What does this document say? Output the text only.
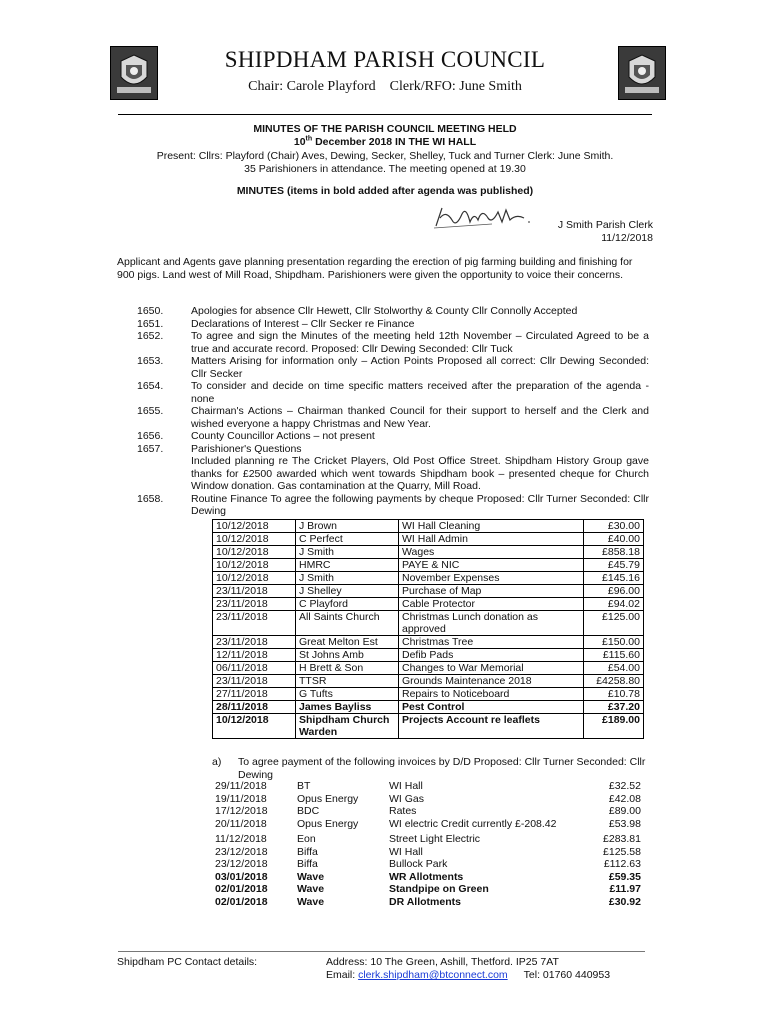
SHIPDHAM PARISH COUNCIL
Chair: Carole Playford Clerk/RFO: June Smith
MINUTES OF THE PARISH COUNCIL MEETING HELD
10th December 2018 IN THE WI HALL
Present: Cllrs: Playford (Chair) Aves, Dewing, Secker, Shelley, Tuck and Turner Clerk: June Smith.
35 Parishioners in attendance. The meeting opened at 19.30
MINUTES (items in bold added after agenda was published)
J Smith Parish Clerk
11/12/2018
Applicant and Agents gave planning presentation regarding the erection of pig farming building and finishing for 900 pigs. Land west of Mill Road, Shipdham. Parishioners were given the opportunity to voice their concerns.
1650.	Apologies for absence Cllr Hewett, Cllr Stolworthy & County Cllr Connolly Accepted
1651.	Declarations of Interest – Cllr Secker re Finance
1652.	To agree and sign the Minutes of the meeting held 12th November – Circulated Agreed to be a true and accurate record. Proposed: Cllr Dewing Seconded: Cllr Tuck
1653.	Matters Arising for information only – Action Points Proposed all correct: Cllr Dewing Seconded: Cllr Secker
1654.	To consider and decide on time specific matters received after the preparation of the agenda - none
1655.	Chairman's Actions – Chairman thanked Council for their support to herself and the Clerk and wished everyone a happy Christmas and New Year.
1656.	County Councillor Actions – not present
1657.	Parishioner's Questions
Included planning re The Cricket Players, Old Post Office Street. Shipdham History Group gave thanks for £2500 awarded which went towards Shipdham book – presented cheque for Church Window donation. Gas contamination at the Quarry, Mill Road.
1658.	Routine Finance To agree the following payments by cheque Proposed: Cllr Turner Seconded: Cllr Dewing
10/12/2018	J Brown	WI Hall Cleaning	£30.00
10/12/2018	C Perfect	WI Hall Admin	£40.00
10/12/2018	J Smith	Wages	£858.18
10/12/2018	HMRC	PAYE & NIC	£45.79
10/12/2018	J Smith	November Expenses	£145.16
23/11/2018	J Shelley	Purchase of Map	£96.00
23/11/2018	C Playford	Cable Protector	£94.02
23/11/2018	All Saints Church	Christmas Lunch donation as approved	£125.00
23/11/2018	Great Melton Est	Christmas Tree	£150.00
12/11/2018	St Johns Amb	Defib Pads	£115.60
06/11/2018	H Brett & Son	Changes to War Memorial	£54.00
23/11/2018	TTSR	Grounds Maintenance 2018	£4258.80
27/11/2018	G Tufts	Repairs to Noticeboard	£10.78
28/11/2018	James Bayliss	Pest Control	£37.20
10/12/2018	Shipdham Church Warden	Projects Account re leaflets	£189.00
a)	To agree payment of the following invoices by D/D Proposed: Cllr Turner Seconded: Cllr Dewing
29/11/2018	BT	WI Hall	£32.52
19/11/2018	Opus Energy	WI Gas	£42.08
17/12/2018	BDC	Rates	£89.00
20/11/2018	Opus Energy	WI electric Credit currently £-208.42	£53.98

11/12/2018	Eon	Street Light Electric	£283.81
23/12/2018	Biffa	WI Hall	£125.58
23/12/2018	Biffa	Bullock Park	£112.63
03/01/2018	Wave	WR Allotments	£59.35
02/01/2018	Wave	Standpipe on Green	£11.97
02/01/2018	Wave	DR Allotments	£30.92
Shipdham PC Contact details:	Address: 10 The Green, Ashill, Thetford. IP25 7AT
Email: clerk.shipdham@btconnect.com Tel: 01760 440953
